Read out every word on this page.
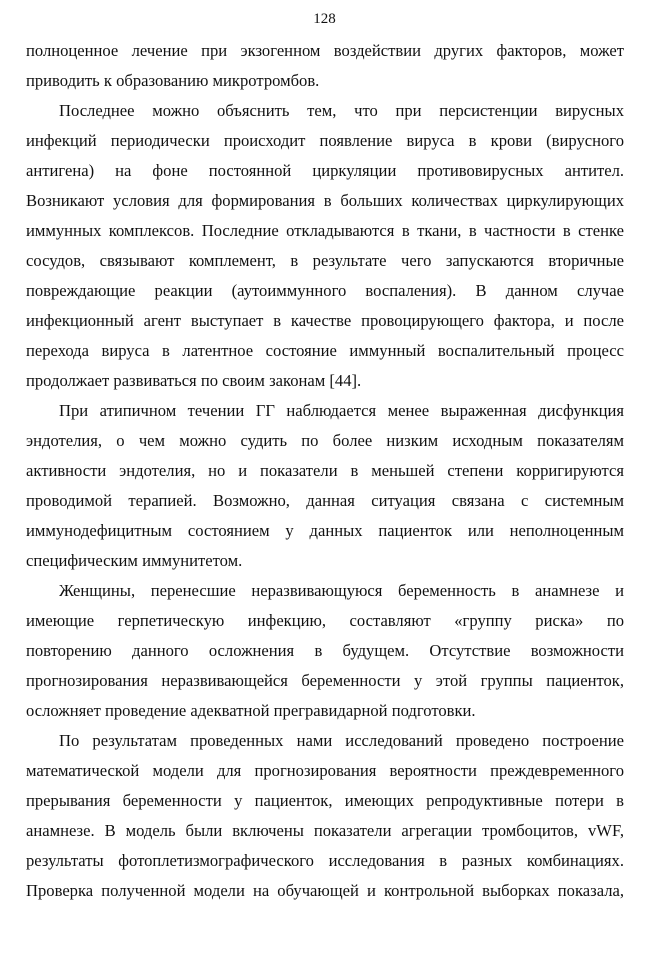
128
полноценное лечение при экзогенном воздействии других факторов, может
приводить к образованию микротромбов.
Последнее можно объяснить тем, что при персистенции вирусных
инфекций периодически происходит появление вируса в крови (вирусного
антигена) на фоне постоянной циркуляции противовирусных антител.
Возникают условия для формирования в больших количествах циркулирующих
иммунных комплексов. Последние откладываются в ткани, в частности в стенке
сосудов, связывают комплемент, в результате чего запускаются вторичные
повреждающие реакции (аутоиммунного воспаления). В данном случае
инфекционный агент выступает в качестве провоцирующего фактора, и после
перехода вируса в латентное состояние иммунный воспалительный процесс
продолжает развиваться по своим законам [44].
При атипичном течении ГГ наблюдается менее выраженная дисфункция
эндотелия, о чем можно судить по более низким исходным показателям
активности эндотелия, но и показатели в меньшей степени корригируются
проводимой терапией. Возможно, данная ситуация связана с системным
иммунодефицитным состоянием у данных пациенток или неполноценным
специфическим иммунитетом.
Женщины, перенесшие неразвивающуюся беременность в анамнезе и
имеющие герпетическую инфекцию, составляют «группу риска» по
повторению данного осложнения в будущем. Отсутствие возможности
прогнозирования неразвивающейся беременности у этой группы пациенток,
осложняет проведение адекватной прегравидарной подготовки.
По результатам проведенных нами исследований проведено построение
математической модели для прогнозирования вероятности преждевременного
прерывания беременности у пациенток, имеющих репродуктивные потери в
анамнезе. В модель были включены показатели агрегации тромбоцитов, vWF,
результаты фотоплетизмографического исследования в разных комбинациях.
Проверка полученной модели на обучающей и контрольной выборках показала,
